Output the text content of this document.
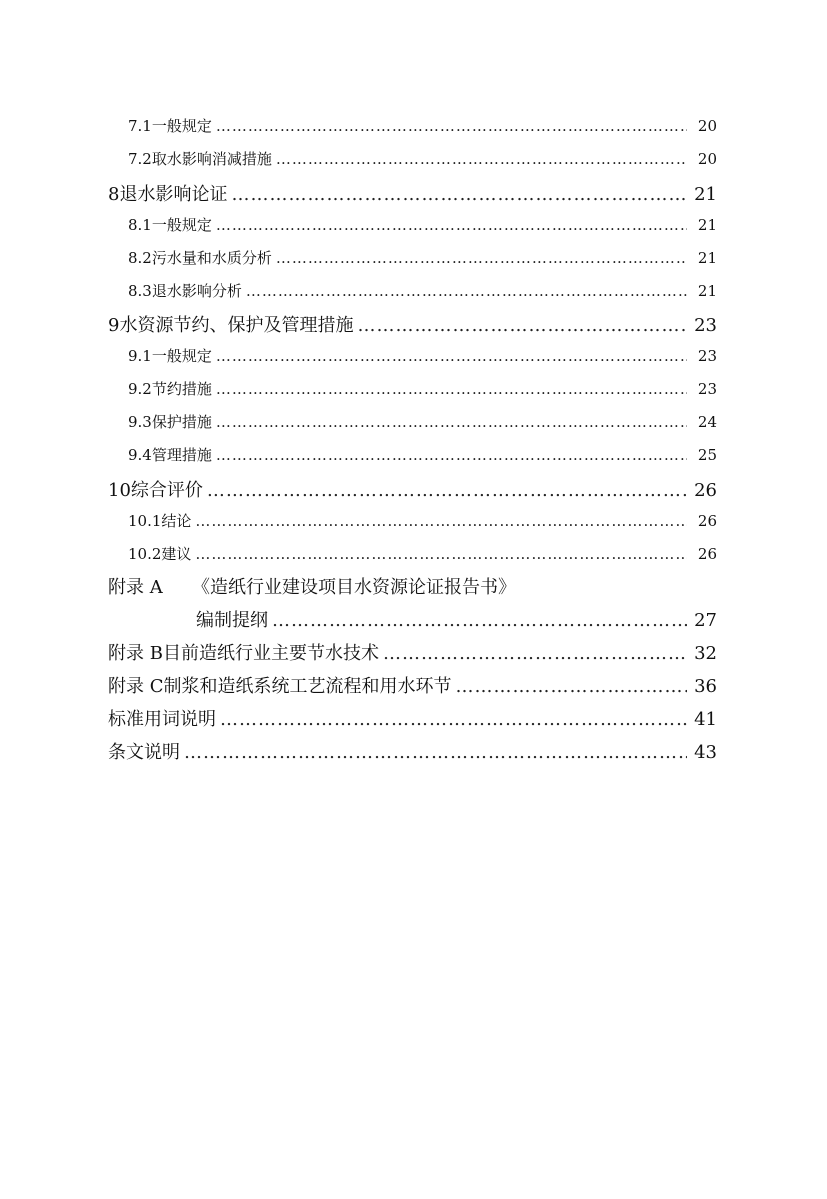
7.1 一般规定 …………………………………………………………………………………………………………………………………………………………………………………	20
7.2 取水影响消减措施 …………………………………………………………………………………………………………………………………………………………………………………	20
8 退水影响论证 …………………………………………………………………………………………………………………………………………………………………………………	21
8.1 一般规定 …………………………………………………………………………………………………………………………………………………………………………………	21
8.2 污水量和水质分析 …………………………………………………………………………………………………………………………………………………………………………………	21
8.3 退水影响分析 …………………………………………………………………………………………………………………………………………………………………………………	21
9 水资源节约、保护及管理措施 …………………………………………………………………………………………………………………………………………………………………………………	23
9.1 一般规定 …………………………………………………………………………………………………………………………………………………………………………………	23
9.2 节约措施 …………………………………………………………………………………………………………………………………………………………………………………	23
9.3 保护措施 …………………………………………………………………………………………………………………………………………………………………………………	24
9.4 管理措施 …………………………………………………………………………………………………………………………………………………………………………………	25
10 综合评价 …………………………………………………………………………………………………………………………………………………………………………………	26
10.1 结论 …………………………………………………………………………………………………………………………………………………………………………………	26
10.2 建议 …………………………………………………………………………………………………………………………………………………………………………………	26
附录 A	《造纸行业建设项目水资源论证报告书》
编制提纲 …………………………………………………………………………………………………………………………………………………………………………………	27
附录 B 目前造纸行业主要节水技术 …………………………………………………………………………………………………………………………………………………………………………………	32
附录 C 制浆和造纸系统工艺流程和用水环节 …………………………………………………………………………………………………………………………………………………………………………………	36
标准用词说明 …………………………………………………………………………………………………………………………………………………………………………………	41
条文说明 …………………………………………………………………………………………………………………………………………………………………………………	43
